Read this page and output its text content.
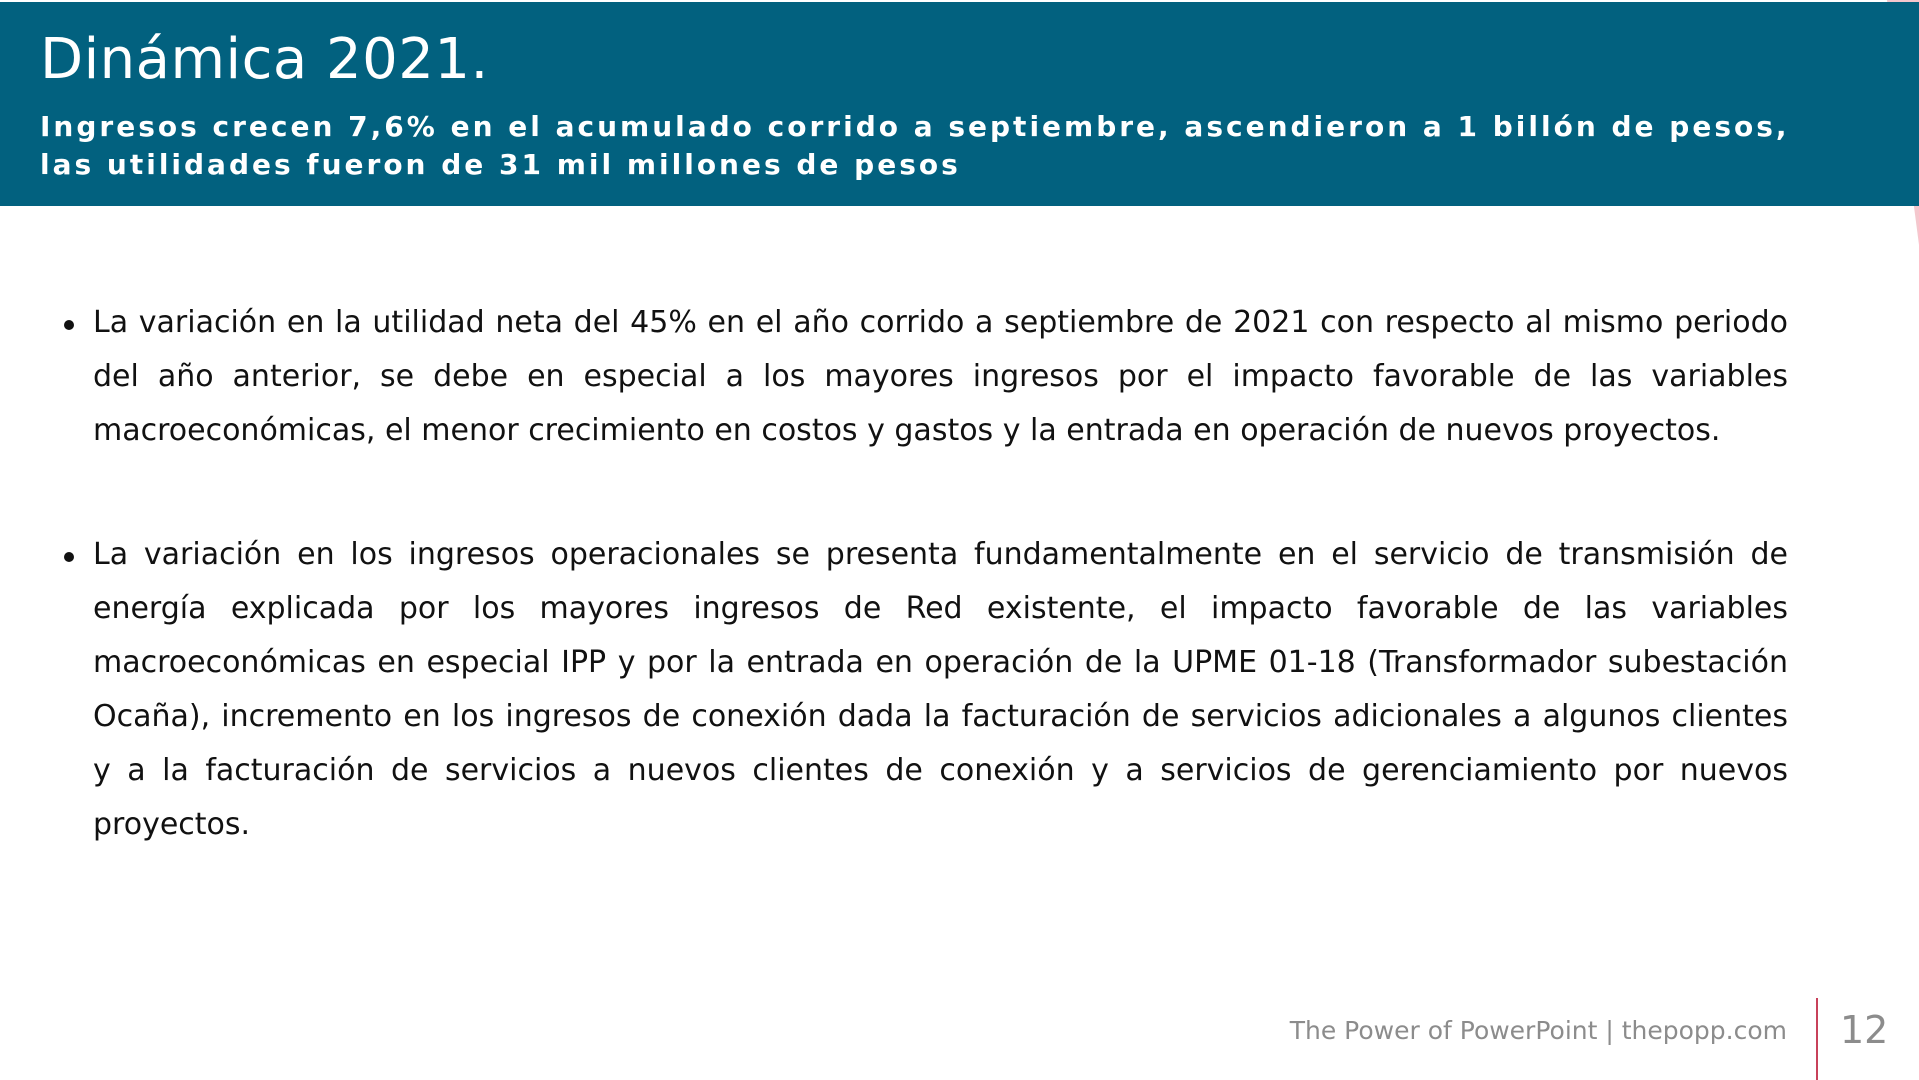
Dinámica 2021.

Ingresos crecen 7,6% en el acumulado corrido a septiembre, ascendieron a 1 billón de pesos, las utilidades fueron de 31 mil millones de pesos

La variación en la utilidad neta del 45% en el año corrido a septiembre de 2021 con respecto al mismo periodo del año anterior, se debe en especial a los mayores ingresos por el impacto favorable de las variables macroeconómicas, el menor crecimiento en costos y gastos y la entrada en operación de nuevos proyectos.
La variación en los ingresos operacionales se presenta fundamentalmente en el servicio de transmisión de energía explicada por los mayores ingresos de Red existente, el impacto favorable de las variables macroeconómicas en especial IPP y por la entrada en operación de la UPME 01-18 (Transformador subestación Ocaña), incremento en los ingresos de conexión dada la facturación de servicios adicionales a algunos clientes y a la facturación de servicios a nuevos clientes de conexión y a servicios de gerenciamiento por nuevos proyectos.
The Power of PowerPoint | thepopp.com 12
